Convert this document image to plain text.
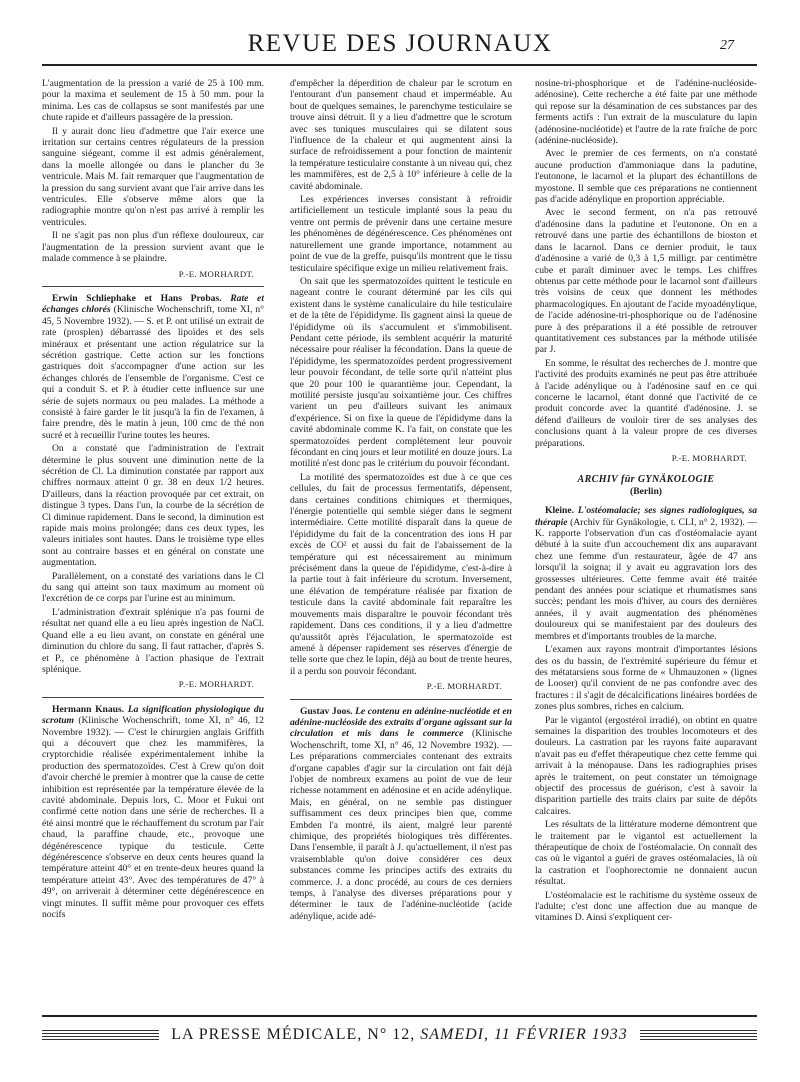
REVUE DES JOURNAUX	27

L'augmentation de la pression a varié de 25 à 100 mm. pour la maxima et seulement de 15 à 50 mm. pour la minima. Les cas de collapsus se sont manifestés par une chute rapide et d'ailleurs passagère de la pression.

Il y aurait donc lieu d'admettre que l'air exerce une irritation sur certains centres régulateurs de la pression sanguine siégeant, comme il est admis généralement, dans la moelle allongée ou dans le plancher du 3e ventricule. Mais M. fait remarquer que l'augmentation de la pression du sang survient avant que l'air arrive dans les ventricules. Elle s'observe même alors que la radiographie montre qu'on n'est pas arrivé à remplir les ventricules.

Il ne s'agit pas non plus d'un réflexe douloureux, car l'augmentation de la pression survient avant que le malade commence à se plaindre.

P.-E. MORHARDT.

Erwin Schliephake et Hans Probas. Rate et échanges chlorés (Klinische Wochenschrift, tome XI, n° 45, 5 Novembre 1932). — S. et P. ont utilisé un extrait de rate (prosplen) débarrassé des lipoïdes et des sels minéraux et présentant une action régulatrice sur la sécrétion gastrique. Cette action sur les fonctions gastriques doit s'accompagner d'une action sur les échanges chlorés de l'ensemble de l'organisme. C'est ce qui a conduit S. et P. à étudier cette influence sur une série de sujets normaux ou peu malades. La méthode a consisté à faire garder le lit jusqu'à la fin de l'examen, à faire prendre, dès le matin à jeun, 100 cmc de thé non sucré et à recueillir l'urine toutes les heures.

On a constaté que l'administration de l'extrait détermine le plus souvent une diminution nette de la sécrétion de Cl. La diminution constatée par rapport aux chiffres normaux atteint 0 gr. 38 en deux 1/2 heures. D'ailleurs, dans la réaction provoquée par cet extrait, on distingue 3 types. Dans l'un, la courbe de la sécrétion de Cl diminue rapidement. Dans le second, la diminution est rapide mais moins prolongée; dans ces deux types, les valeurs initiales sont hautes. Dans le troisième type elles sont au contraire basses et en général on constate une augmentation.

Parallèlement, on a constaté des variations dans le Cl du sang qui atteint son taux maximum au moment où l'excrétion de ce corps par l'urine est au minimum.

L'administration d'extrait splénique n'a pas fourni de résultat net quand elle a eu lieu après ingestion de NaCl. Quand elle a eu lieu avant, on constate en général une diminution du chlore du sang. Il faut rattacher, d'après S. et P., ce phénomène à l'action phasique de l'extrait splénique.

P.-E. MORHARDT.

Hermann Knaus. La signification physiologique du scrotum (Klinische Wochenschrift, tome XI, n° 46, 12 Novembre 1932). — C'est le chirurgien anglais Griffith qui a découvert que chez les mammifères, la cryptorchidie réalisée expérimentalement inhibe la production des spermatozoïdes. C'est à Crew qu'on doit d'avoir cherché le premier à montrer que la cause de cette inhibition est représentée par la température élevée de la cavité abdominale. Depuis lors, C. Moor et Fukui ont confirmé cette notion dans une série de recherches. Il a été ainsi montré que le réchauffement du scrotum par l'air chaud, la paraffine chaude, etc., provoque une dégénérescence typique du testicule. Cette dégénérescence s'observe en deux cents heures quand la température atteint 40° et en trente-deux heures quand la température atteint 43°. Avec des températures de 47° à 49°, on arriverait à déterminer cette dégénérescence en vingt minutes. Il suffit même pour provoquer ces effets nocifs

d'empêcher la déperdition de chaleur par le scrotum en l'entourant d'un pansement chaud et imperméable. Au bout de quelques semaines, le parenchyme testiculaire se trouve ainsi détruit. Il y a lieu d'admettre que le scrotum avec ses tuniques musculaires qui se dilatent sous l'influence de la chaleur et qui augmentent ainsi la surface de refroidissement a pour fonction de maintenir la température testiculaire constante à un niveau qui, chez les mammifères, est de 2,5 à 10° inférieure à celle de la cavité abdominale.

Les expériences inverses consistant à refroidir artificiellement un testicule implanté sous la peau du ventre ont permis de prévenir dans une certaine mesure les phénomènes de dégénérescence. Ces phénomènes ont naturellement une grande importance, notamment au point de vue de la greffe, puisqu'ils montrent que le tissu testiculaire spécifique exige un milieu relativement frais.

On sait que les spermatozoïdes quittent le testicule en nageant contre le courant déterminé par les cils qui existent dans le système canaliculaire du hile testiculaire et de la tête de l'épididyme. Ils gagnent ainsi la queue de l'épididyme où ils s'accumulent et s'immobilisent. Pendant cette période, ils semblent acquérir la maturité nécessaire pour réaliser la fécondation. Dans la queue de l'épididyme, les spermatozoïdes perdent progressivement leur pouvoir fécondant, de telle sorte qu'il n'atteint plus que 20 pour 100 le quarantième jour. Cependant, la motilité persiste jusqu'au soixantième jour. Ces chiffres varient un peu d'ailleurs suivant les animaux d'expérience. Si on fixe la queue de l'épididyme dans la cavité abdominale comme K. l'a fait, on constate que les spermatozoïdes perdent complètement leur pouvoir fécondant en cinq jours et leur motilité en douze jours. La motilité n'est donc pas le critérium du pouvoir fécondant.

La motilité des spermatozoïdes est due à ce que ces cellules, du fait de processus fermentatifs, dépensent, dans certaines conditions chimiques et thermiques, l'énergie potentielle qui semble siéger dans le segment intermédiaire. Cette motilité disparaît dans la queue de l'épididyme du fait de la concentration des ions H par excès de CO² et aussi du fait de l'abaissement de la température qui est nécessairement au minimum précisément dans la queue de l'épididyme, c'est-à-dire à la partie tout à fait inférieure du scrotum. Inversement, une élévation de température réalisée par fixation de testicule dans la cavité abdominale fait reparaître les mouvements mais disparaître le pouvoir fécondant très rapidement. Dans ces conditions, il y a lieu d'admettre qu'aussitôt après l'éjaculation, le spermatozoïde est amené à dépenser rapidement ses réserves d'énergie de telle sorte que chez le lapin, déjà au bout de trente heures, il a perdu son pouvoir fécondant.

P.-E. MORHARDT.

Gustav Joos. Le contenu en adénine-nucléotide et en adénine-nucléoside des extraits d'organe agissant sur la circulation et mis dans le commerce (Klinische Wochenschrift, tome XI, n° 46, 12 Novembre 1932). — Les préparations commerciales contenant des extraits d'organe capables d'agir sur la circulation ont fait déjà l'objet de nombreux examens au point de vue de leur richesse notamment en adénosine et en acide adénylique. Mais, en général, on ne semble pas distinguer suffisamment ces deux principes bien que, comme Embden l'a montré, ils aient, malgré leur parenté chimique, des propriétés biologiques très différentes. Dans l'ensemble, il paraît à J. qu'actuellement, il n'est pas vraisemblable qu'on doive considérer ces deux substances comme les principes actifs des extraits du commerce. J. a donc procédé, au cours de ces derniers temps, à l'analyse des diverses préparations pour y déterminer le taux de l'adénine-nucléotide (acide adénylique, acide adé-

nosine-tri-phosphorique et de l'adénine-nucléoside-adénosine). Cette recherche a été faite par une méthode qui repose sur la désamination de ces substances par des ferments actifs : l'un extrait de la musculature du lapin (adénosine-nucléotide) et l'autre de la rate fraîche de porc (adénine-nucléoside).

Avec le premier de ces ferments, on n'a constaté aucune production d'ammoniaque dans la padutine, l'eutonone, le lacarnol et la plupart des échantillons de myostone. Il semble que ces préparations ne contiennent pas d'acide adénylique en proportion appréciable.

Avec le second ferment, on n'a pas retrouvé d'adénosine dans la padutine et l'eutonone. On en a retrouvé dans une partie des échantillons de bioston et dans le lacarnol. Dans ce dernier produit, le taux d'adénosine a varié de 0,3 à 1,5 milligr. par centimètre cube et paraît diminuer avec le temps. Les chiffres obtenus par cette méthode pour le lacarnol sont d'ailleurs très voisins de ceux que donnent les méthodes pharmacologiques. En ajoutant de l'acide myoadénylique, de l'acide adénosine-tri-phosphorique ou de l'adénosine pure à des préparations il a été possible de retrouver quantitativement ces substances par la méthode utilisée par J.

En somme, le résultat des recherches de J. montre que l'activité des produits examinés ne peut pas être attribuée à l'acide adénylique ou à l'adénosine sauf en ce qui concerne le lacarnol, étant donné que l'activité de ce produit concorde avec la quantité d'adénosine. J. se défend d'ailleurs de vouloir tirer de ses analyses des conclusions quant à la valeur propre de ces diverses préparations.

P.-E. MORHARDT.
ARCHIV für GYNÄKOLOGIE
(Berlin)

Kleine. L'ostéomalacie; ses signes radiologiques, sa thérapie (Archiv für Gynäkologie, t. CLI, n° 2, 1932). — K. rapporte l'observation d'un cas d'ostéomalacie ayant débuté à la suite d'un accouchement dix ans auparavant chez une femme d'un restaurateur, âgée de 47 ans lorsqu'il la soigna; il y avait eu aggravation lors des grossesses ultérieures. Cette femme avait été traitée pendant des années pour sciatique et rhumatismes sans succès; pendant les mois d'hiver, au cours des dernières années, il y avait augmentation des phénomènes douloureux qui se manifestaient par des douleurs des membres et d'importants troubles de la marche.

L'examen aux rayons montrait d'importantes lésions des os du bassin, de l'extrémité supérieure du fémur et des métatarsiens sous forme de « Uhmauzonen » (lignes de Looser) qu'il convient de ne pas confondre avec des fractures : il s'agit de décalcifications linéaires bordées de zones plus sombres, riches en calcium.

Par le vigantol (ergostérol irradié), on obtint en quatre semaines la disparition des troubles locomoteurs et des douleurs. La castration par les rayons faite auparavant n'avait pas eu d'effet thérapeutique chez cette femme qui arrivait à la ménopause. Dans les radiographies prises après le traitement, on peut constater un témoignage objectif des processus de guérison, c'est à savoir la disparition partielle des traits clairs par suite de dépôts calcaires.

Les résultats de la littérature moderne démontrent que le traitement par le vigantol est actuellement la thérapeutique de choix de l'ostéomalacie. On connaît des cas où le vigantol a guéri de graves ostéomalacies, là où la castration et l'oophorectomie ne donnaient aucun résultat.

L'ostéomalacie est le rachitisme du système osseux de l'adulte; c'est donc une affection due au manque de vitamines D. Ainsi s'expliquent cer-

LA PRESSE MÉDICALE, N° 12, SAMEDI, 11 FÉVRIER 1933
